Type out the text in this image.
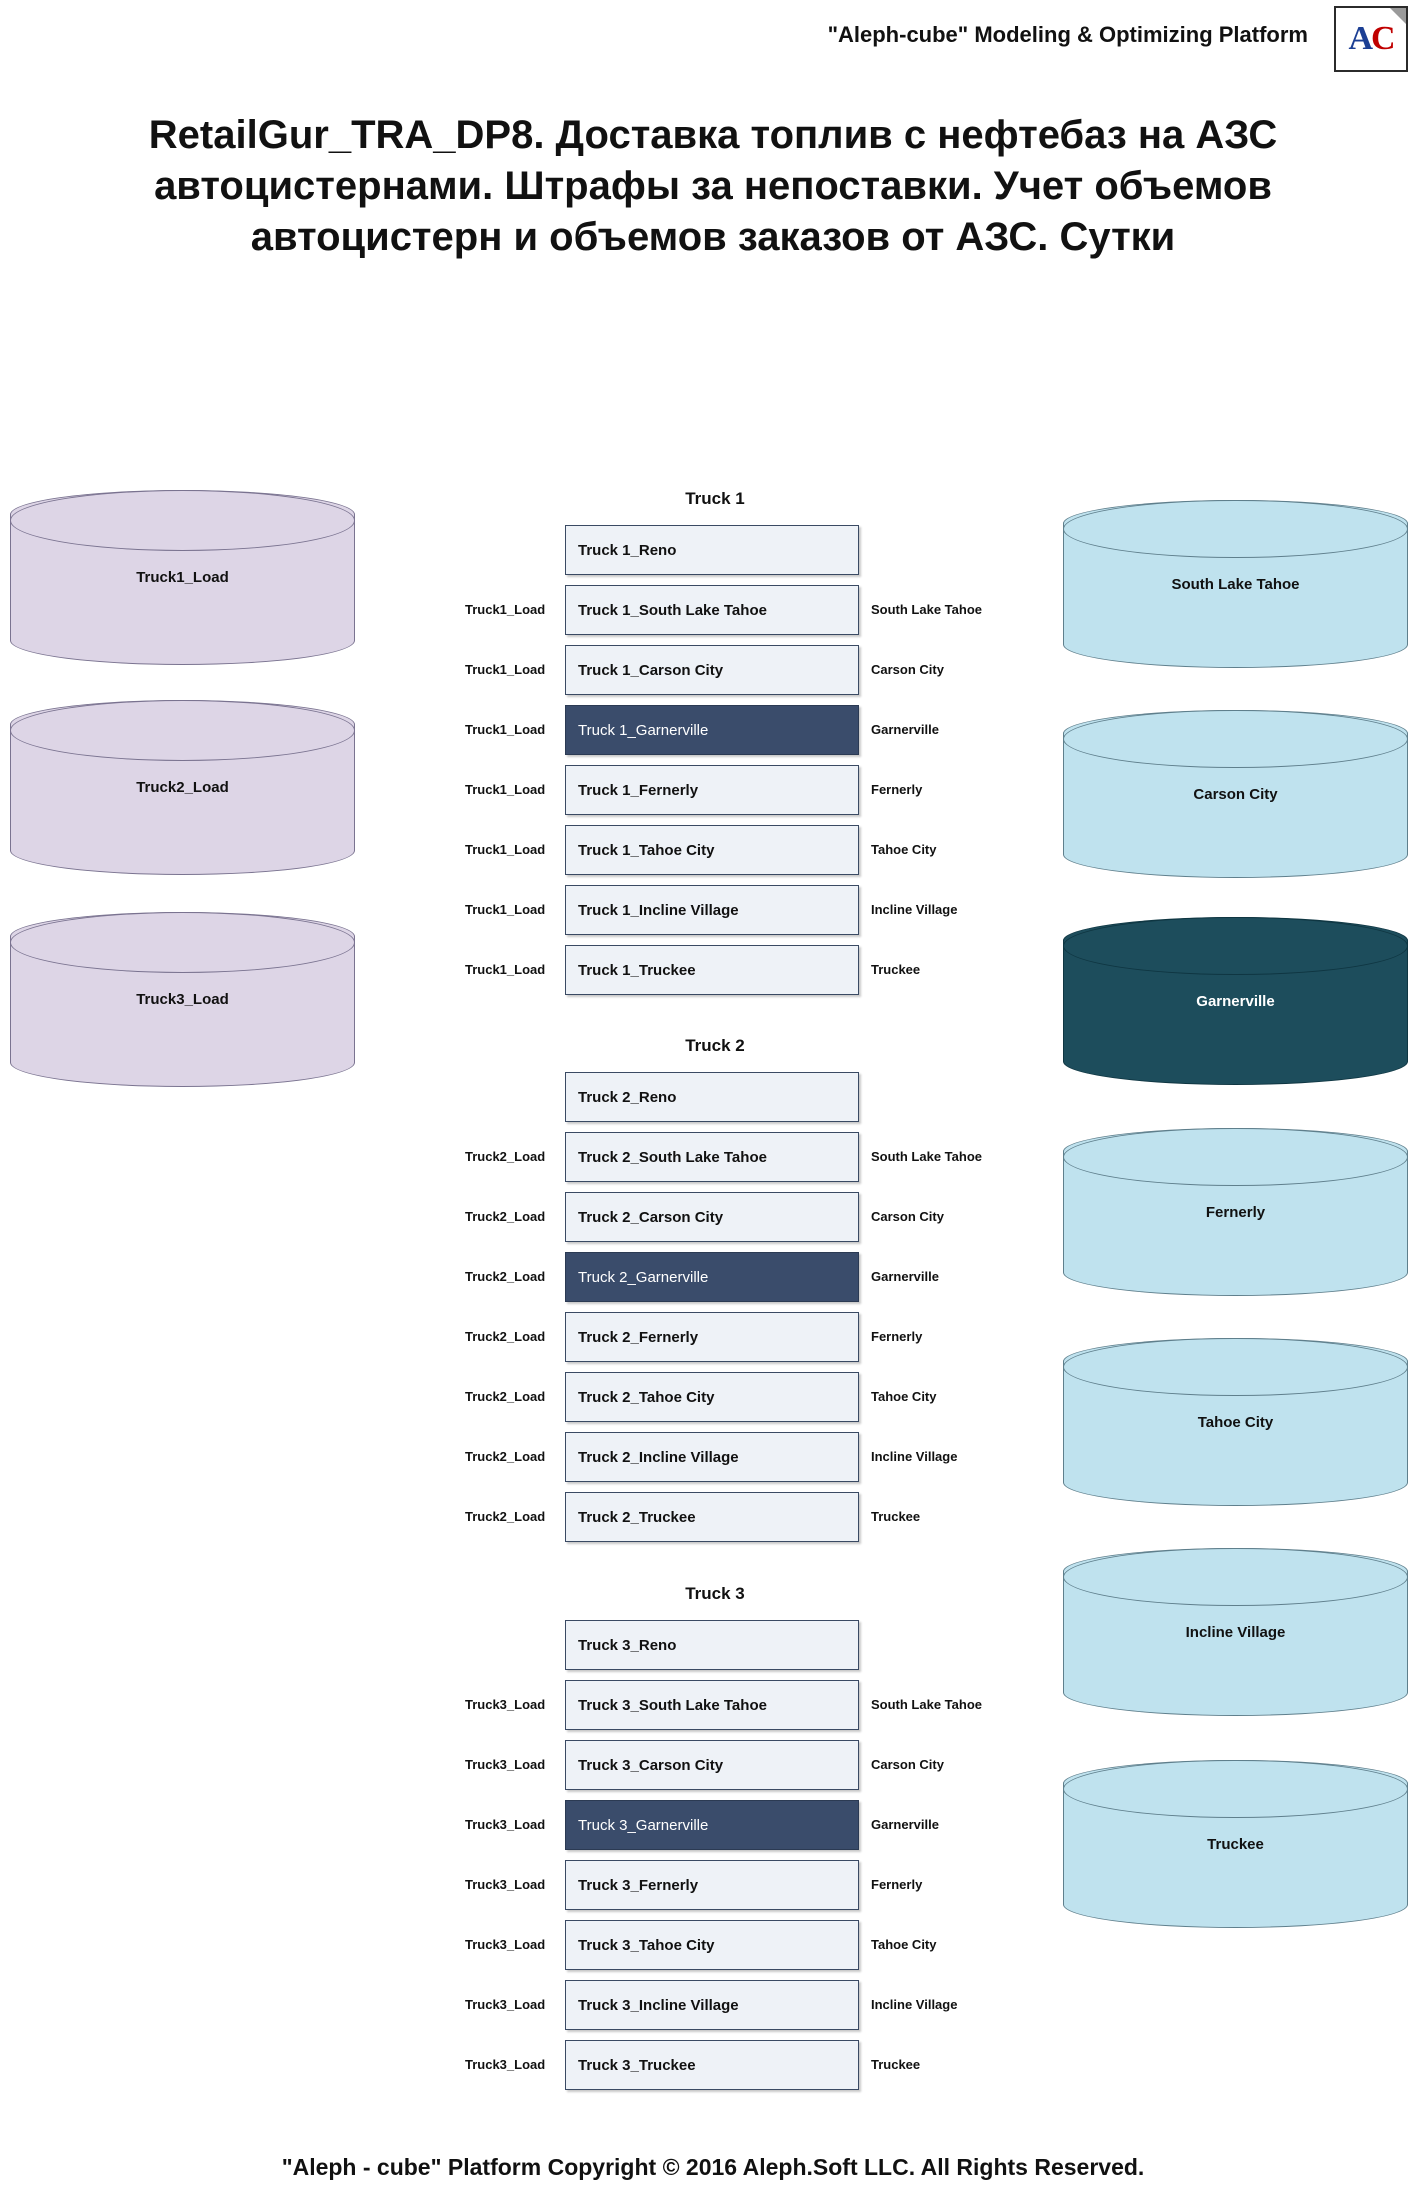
"Aleph-cube" Modeling & Optimizing Platform A C
RetailGur_TRA_DP8. Доставка топлив с нефтебаз на АЗС автоцистернами. Штрафы за непоставки. Учет объемов автоцистерн и объемов заказов от АЗС. Сутки
Truck1_Load
Truck2_Load
Truck3_Load
South Lake Tahoe
Carson City
Garnerville
Fernerly
Tahoe City
Incline Village
Truckee
Truck 1
Truck 1_Reno
Truck1_Load	Truck 1_South Lake Tahoe	South Lake Tahoe
Truck1_Load	Truck 1_Carson City	Carson City
Truck1_Load	Truck 1_Garnerville	Garnerville
Truck1_Load	Truck 1_Fernerly	Fernerly
Truck1_Load	Truck 1_Tahoe City	Tahoe City
Truck1_Load	Truck 1_Incline Village	Incline Village
Truck1_Load	Truck 1_Truckee	Truckee
Truck 2
Truck 2_Reno
Truck2_Load	Truck 2_South Lake Tahoe	South Lake Tahoe
Truck2_Load	Truck 2_Carson City	Carson City
Truck2_Load	Truck 2_Garnerville	Garnerville
Truck2_Load	Truck 2_Fernerly	Fernerly
Truck2_Load	Truck 2_Tahoe City	Tahoe City
Truck2_Load	Truck 2_Incline Village	Incline Village
Truck2_Load	Truck 2_Truckee	Truckee
Truck 3
Truck 3_Reno
Truck3_Load	Truck 3_South Lake Tahoe	South Lake Tahoe
Truck3_Load	Truck 3_Carson City	Carson City
Truck3_Load	Truck 3_Garnerville	Garnerville
Truck3_Load	Truck 3_Fernerly	Fernerly
Truck3_Load	Truck 3_Tahoe City	Tahoe City
Truck3_Load	Truck 3_Incline Village	Incline Village
Truck3_Load	Truck 3_Truckee	Truckee
"Aleph - cube" Platform Copyright © 2016 Aleph.Soft LLC. All Rights Reserved.
